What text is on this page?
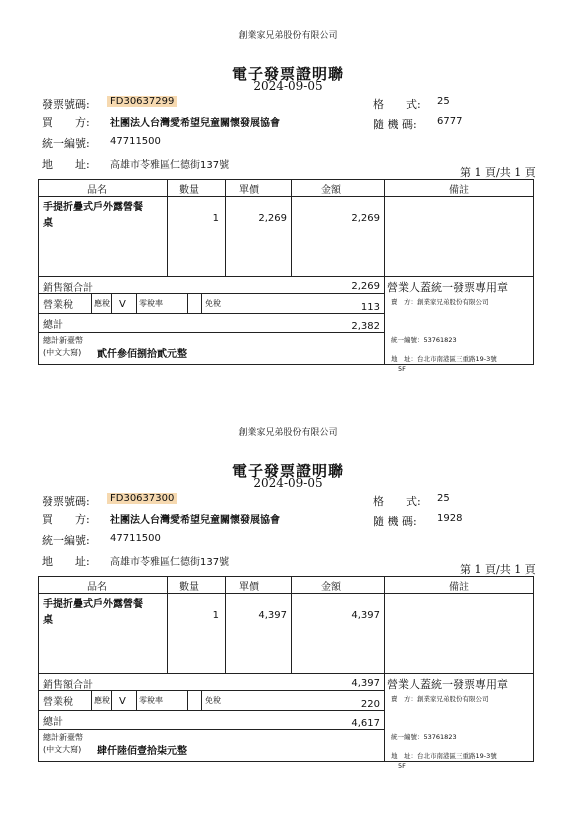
創業家兄弟股份有限公司
電子發票證明聯
2024-09-05
發票號碼:	FD30637299
買　　方: 社團法人台灣愛希望兒童關懷發展協會
統一編號: 47711500
地　　址: 高雄市苓雅區仁德街137號
格　　式: 25
隨 機 碼: 6777
第 1 頁/共 1 頁
品名	數量	單價	金額	備註
手提折疊式戶外露營餐
桌	1	2,269	2,269
銷售額合計	2,269 營業人蓋統一發票專用章
營業稅	應稅 V 零稅率	免稅	113
總計	2,382
總計新臺幣
(中文大寫) 貳仟參佰捌拾貳元整
賣　方：創業家兄弟股份有限公司
統一編號：53761823
地　址：台北市南港區三重路19-3號
5F
創業家兄弟股份有限公司
電子發票證明聯
2024-09-05
發票號碼:	FD30637300
買　　方: 社團法人台灣愛希望兒童關懷發展協會
統一編號: 47711500
地　　址: 高雄市苓雅區仁德街137號
格　　式: 25
隨 機 碼: 1928
第 1 頁/共 1 頁
品名	數量	單價	金額	備註
手提折疊式戶外露營餐
桌	1	4,397	4,397
銷售額合計	4,397 營業人蓋統一發票專用章
營業稅	應稅 V 零稅率	免稅	220
總計	4,617
總計新臺幣
(中文大寫) 肆仟陸佰壹拾柒元整
賣　方：創業家兄弟股份有限公司
統一編號：53761823
地　址：台北市南港區三重路19-3號
5F
